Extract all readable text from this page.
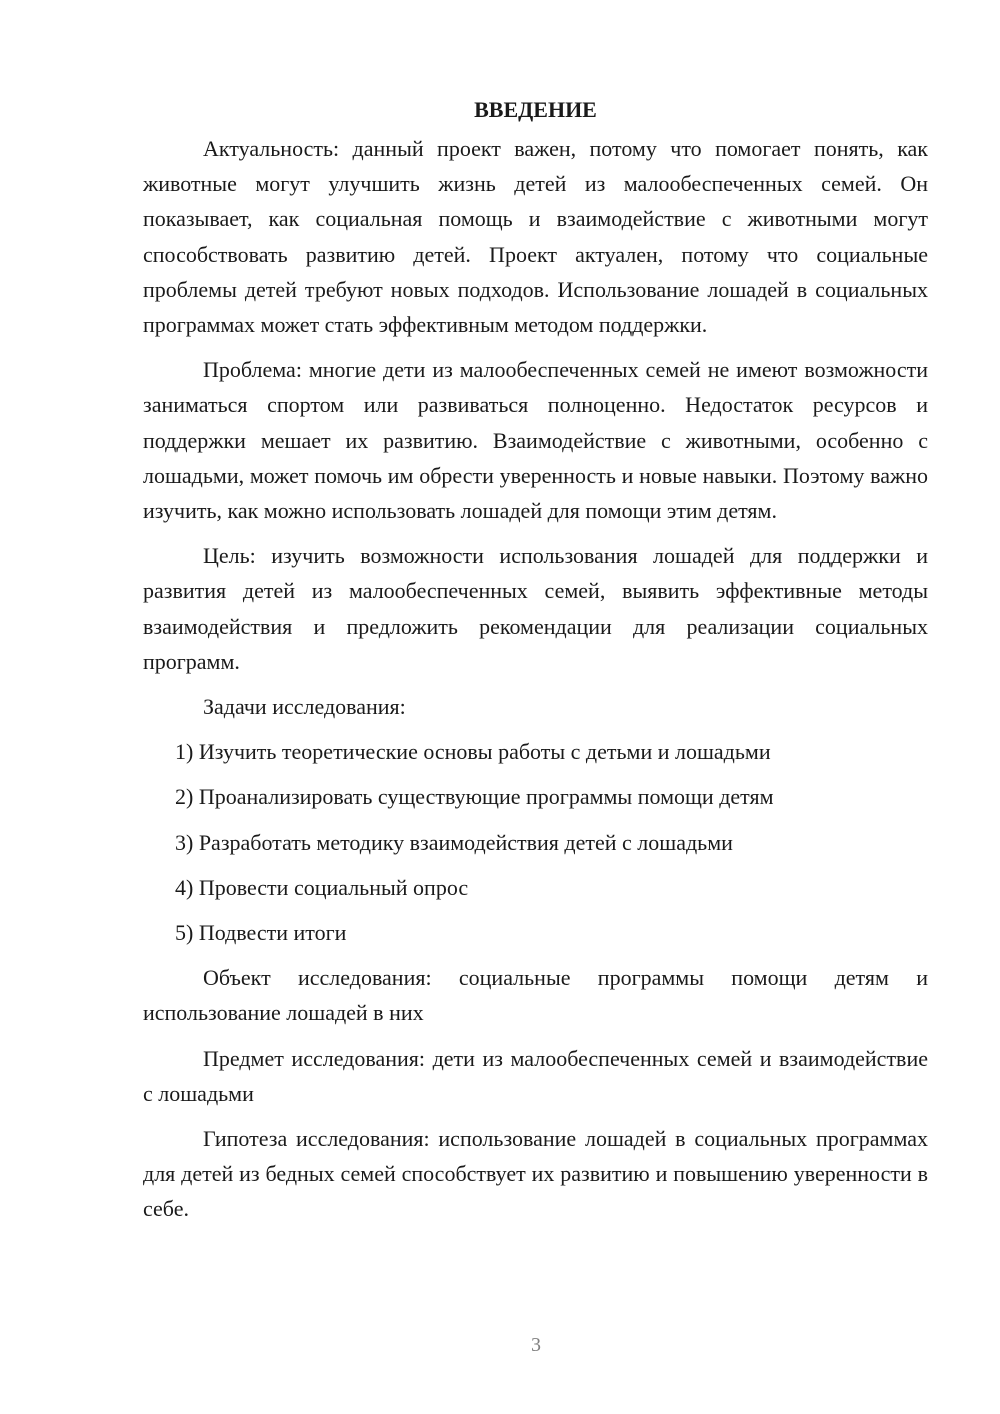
ВВЕДЕНИЕ

Актуальность: данный проект важен, потому что помогает понять, как животные могут улучшить жизнь детей из малообеспеченных семей. Он показывает, как социальная помощь и взаимодействие с животными могут способствовать развитию детей. Проект актуален, потому что социальные проблемы детей требуют новых подходов. Использование лошадей в социальных программах может стать эффективным методом поддержки.

Проблема: многие дети из малообеспеченных семей не имеют возможности заниматься спортом или развиваться полноценно. Недостаток ресурсов и поддержки мешает их развитию. Взаимодействие с животными, особенно с лошадьми, может помочь им обрести уверенность и новые навыки. Поэтому важно изучить, как можно использовать лошадей для помощи этим детям.

Цель: изучить возможности использования лошадей для поддержки и развития детей из малообеспеченных семей, выявить эффективные методы взаимодействия и предложить рекомендации для реализации социальных программ.

Задачи исследования:

1) Изучить теоретические основы работы с детьми и лошадьми
2) Проанализировать существующие программы помощи детям
3) Разработать методику взаимодействия детей с лошадьми
4) Провести социальный опрос
5) Подвести итоги

Объект исследования: социальные программы помощи детям и использование лошадей в них

Предмет исследования: дети из малообеспеченных семей и взаимодействие с лошадьми

Гипотеза исследования: использование лошадей в социальных программах для детей из бедных семей способствует их развитию и повышению уверенности в себе.

3
